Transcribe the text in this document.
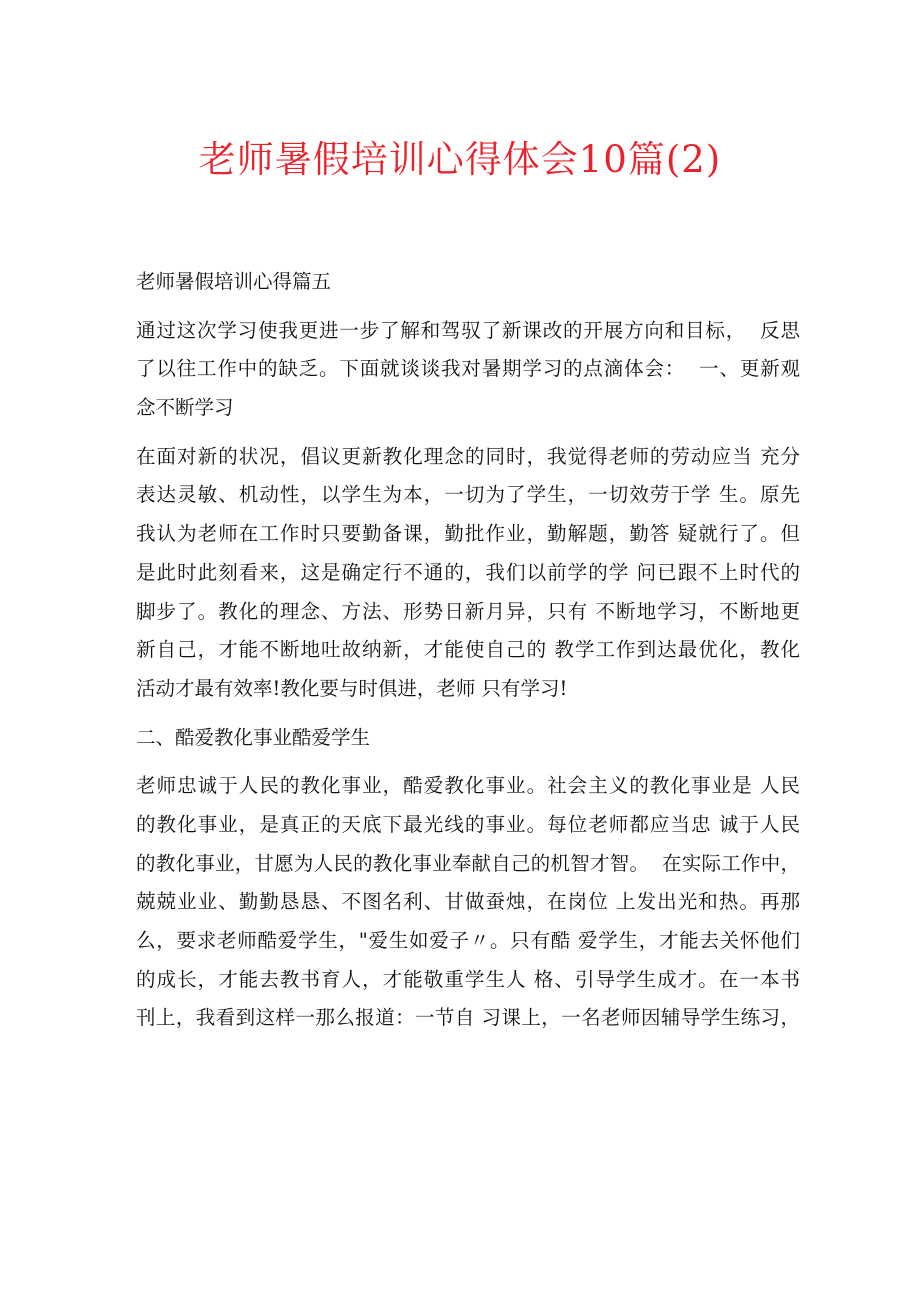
老师暑假培训心得体会10篇(2)
老师暑假培训心得篇五
通过这次学习使我更进一步了解和驾驭了新课改的开展方向和目标，  反思
了以往工作中的缺乏。下面就谈谈我对暑期学习的点滴体会：  一、更新观
念不断学习
在面对新的状况，倡议更新教化理念的同时，我觉得老师的劳动应当 充分
表达灵敏、机动性，以学生为本，一切为了学生，一切效劳于学 生。原先
我认为老师在工作时只要勤备课，勤批作业，勤解题，勤答 疑就行了。但
是此时此刻看来，这是确定行不通的，我们以前学的学 问已跟不上时代的
脚步了。教化的理念、方法、形势日新月异，只有 不断地学习，不断地更
新自己，才能不断地吐故纳新，才能使自己的 教学工作到达最优化，教化
活动才最有效率!教化要与时俱进，老师 只有学习!
二、酷爱教化事业酷爱学生
老师忠诚于人民的教化事业，酷爱教化事业。社会主义的教化事业是 人民
的教化事业，是真正的天底下最光线的事业。每位老师都应当忠 诚于人民
的教化事业，甘愿为人民的教化事业奉献自己的机智才智。  在实际工作中，
兢兢业业、勤勤恳恳、不图名利、甘做蚕烛，在岗位 上发出光和热。再那
么，要求老师酷爱学生，"爱生如爱子〃。只有酷 爱学生，才能去关怀他们
的成长，才能去教书育人，才能敬重学生人 格、引导学生成才。在一本书
刊上，我看到这样一那么报道：一节自 习课上，一名老师因辅导学生练习，
